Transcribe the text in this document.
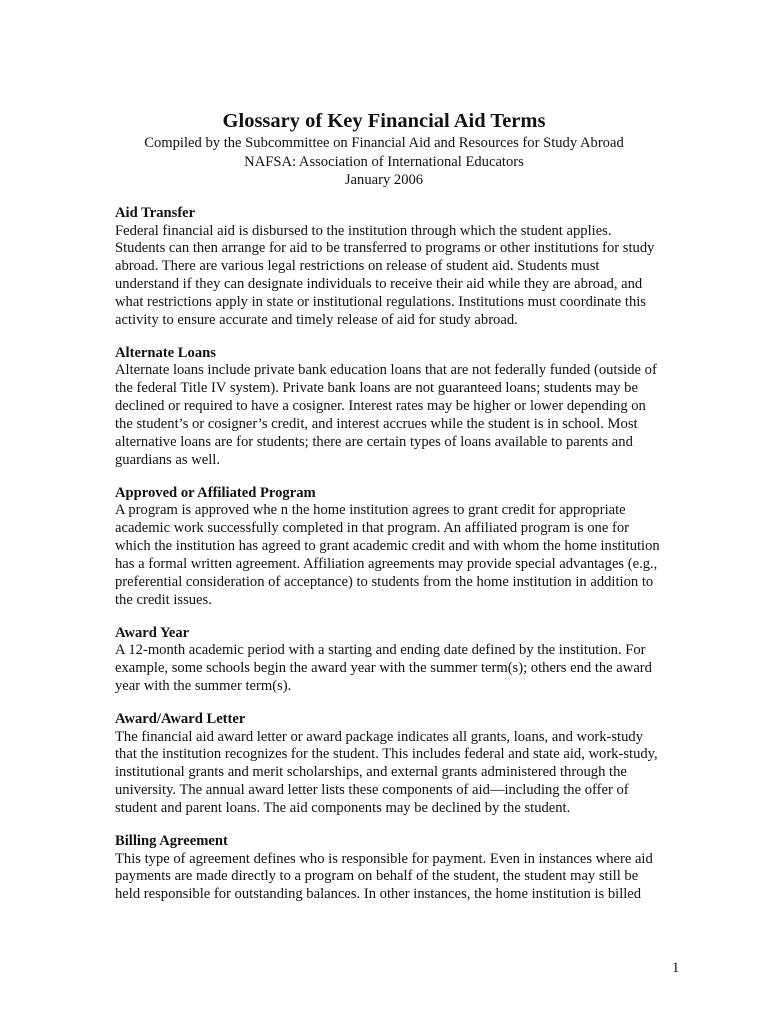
Glossary of Key Financial Aid Terms

Compiled by the Subcommittee on Financial Aid and Resources for Study Abroad

NAFSA: Association of International Educators

January 2006

Aid Transfer

Federal financial aid is disbursed to the institution through which the student applies.
Students can then arrange for aid to be transferred to programs or other institutions for study
abroad. There are various legal restrictions on release of student aid. Students must
understand if they can designate individuals to receive their aid while they are abroad, and
what restrictions apply in state or institutional regulations. Institutions must coordinate this
activity to ensure accurate and timely release of aid for study abroad.

Alternate Loans

Alternate loans include private bank education loans that are not federally funded (outside of
the federal Title IV system). Private bank loans are not guaranteed loans; students may be
declined or required to have a cosigner. Interest rates may be higher or lower depending on
the student’s or cosigner’s credit, and interest accrues while the student is in school. Most
alternative loans are for students; there are certain types of loans available to parents and
guardians as well.

Approved or Affiliated Program

A program is approved whe n the home institution agrees to grant credit for appropriate
academic work successfully completed in that program. An affiliated program is one for
which the institution has agreed to grant academic credit and with whom the home institution
has a formal written agreement. Affiliation agreements may provide special advantages (e.g.,
preferential consideration of acceptance) to students from the home institution in addition to
the credit issues.

Award Year

A 12-month academic period with a starting and ending date defined by the institution. For
example, some schools begin the award year with the summer term(s); others end the award
year with the summer term(s).

Award/Award Letter

The financial aid award letter or award package indicates all grants, loans, and work-study
that the institution recognizes for the student. This includes federal and state aid, work-study,
institutional grants and merit scholarships, and external grants administered through the
university. The annual award letter lists these components of aid—including the offer of
student and parent loans. The aid components may be declined by the student.

Billing Agreement

This type of agreement defines who is responsible for payment. Even in instances where aid
payments are made directly to a program on behalf of the student, the student may still be
held responsible for outstanding balances. In other instances, the home institution is billed

1
